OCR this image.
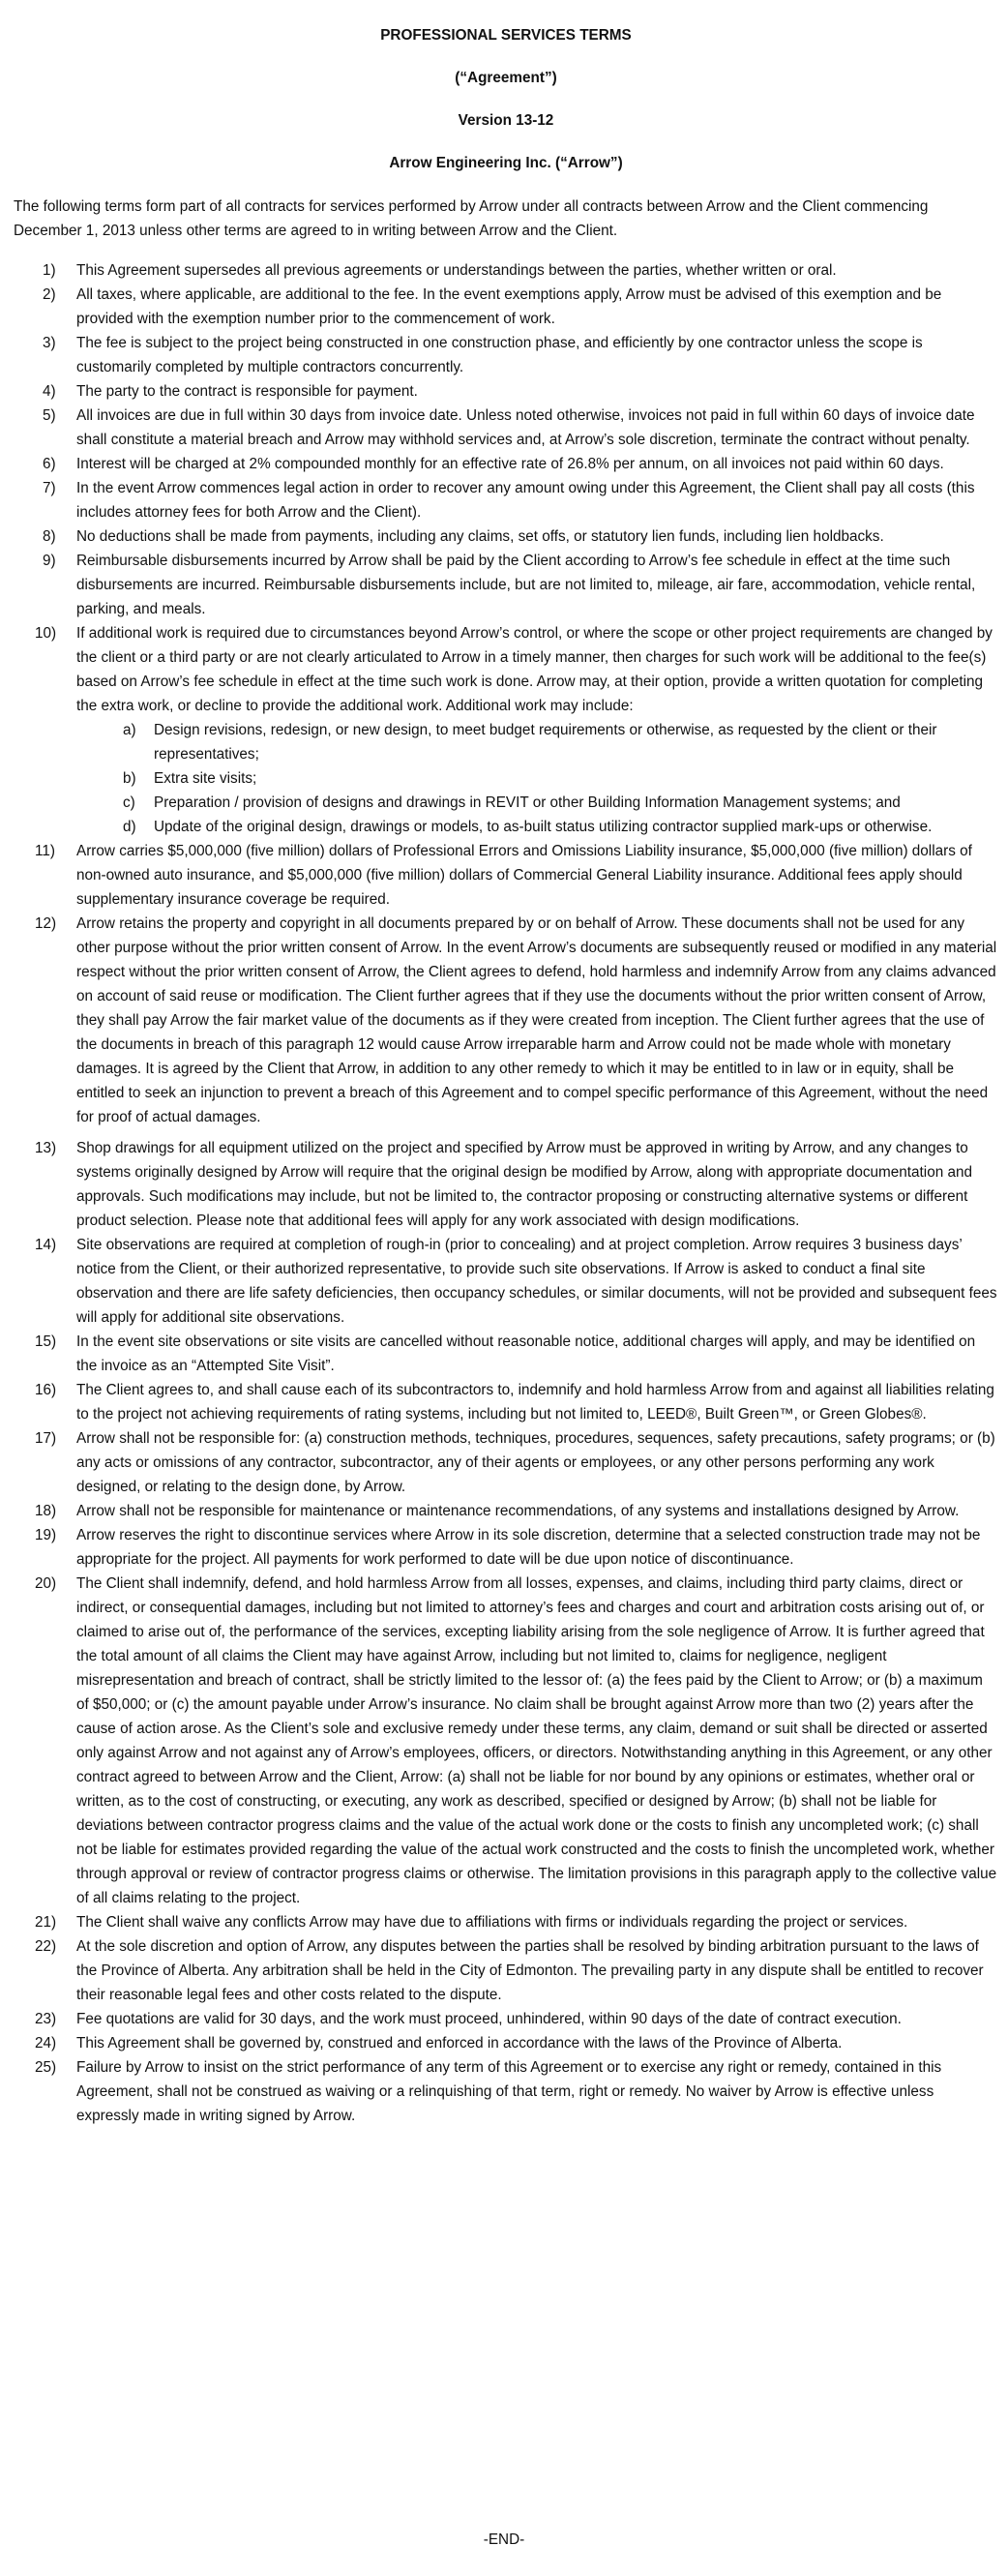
PROFESSIONAL SERVICES TERMS

(“Agreement”)

Version 13-12

Arrow Engineering Inc. (“Arrow”)

The following terms form part of all contracts for services performed by Arrow under all contracts between Arrow and the Client commencing December 1, 2013 unless other terms are agreed to in writing between Arrow and the Client.

1)	This Agreement supersedes all previous agreements or understandings between the parties, whether written or oral.
2)	All taxes, where applicable, are additional to the fee. In the event exemptions apply, Arrow must be advised of this exemption and be provided with the exemption number prior to the commencement of work.
3)	The fee is subject to the project being constructed in one construction phase, and efficiently by one contractor unless the scope is customarily completed by multiple contractors concurrently.
4)	The party to the contract is responsible for payment.
5)	All invoices are due in full within 30 days from invoice date. Unless noted otherwise, invoices not paid in full within 60 days of invoice date shall constitute a material breach and Arrow may withhold services and, at Arrow’s sole discretion, terminate the contract without penalty.
6)	Interest will be charged at 2% compounded monthly for an effective rate of 26.8% per annum, on all invoices not paid within 60 days.
7)	In the event Arrow commences legal action in order to recover any amount owing under this Agreement, the Client shall pay all costs (this includes attorney fees for both Arrow and the Client).
8)	No deductions shall be made from payments, including any claims, set offs, or statutory lien funds, including lien holdbacks.
9)	Reimbursable disbursements incurred by Arrow shall be paid by the Client according to Arrow’s fee schedule in effect at the time such disbursements are incurred. Reimbursable disbursements include, but are not limited to, mileage, air fare, accommodation, vehicle rental, parking, and meals.
10)	If additional work is required due to circumstances beyond Arrow’s control, or where the scope or other project requirements are changed by the client or a third party or are not clearly articulated to Arrow in a timely manner, then charges for such work will be additional to the fee(s) based on Arrow’s fee schedule in effect at the time such work is done. Arrow may, at their option, provide a written quotation for completing the extra work, or decline to provide the additional work. Additional work may include:
a) Design revisions, redesign, or new design, to meet budget requirements or otherwise, as requested by the client or their representatives;
b) Extra site visits;
c) Preparation / provision of designs and drawings in REVIT or other Building Information Management systems; and
d) Update of the original design, drawings or models, to as-built status utilizing contractor supplied mark-ups or otherwise.
11)	Arrow carries $5,000,000 (five million) dollars of Professional Errors and Omissions Liability insurance, $5,000,000 (five million) dollars of non-owned auto insurance, and $5,000,000 (five million) dollars of Commercial General Liability insurance. Additional fees apply should supplementary insurance coverage be required.
12)	Arrow retains the property and copyright in all documents prepared by or on behalf of Arrow. These documents shall not be used for any other purpose without the prior written consent of Arrow. In the event Arrow’s documents are subsequently reused or modified in any material respect without the prior written consent of Arrow, the Client agrees to defend, hold harmless and indemnify Arrow from any claims advanced on account of said reuse or modification. The Client further agrees that if they use the documents without the prior written consent of Arrow, they shall pay Arrow the fair market value of the documents as if they were created from inception. The Client further agrees that the use of the documents in breach of this paragraph 12 would cause Arrow irreparable harm and Arrow could not be made whole with monetary damages. It is agreed by the Client that Arrow, in addition to any other remedy to which it may be entitled to in law or in equity, shall be entitled to seek an injunction to prevent a breach of this Agreement and to compel specific performance of this Agreement, without the need for proof of actual damages.
13)	Shop drawings for all equipment utilized on the project and specified by Arrow must be approved in writing by Arrow, and any changes to systems originally designed by Arrow will require that the original design be modified by Arrow, along with appropriate documentation and approvals. Such modifications may include, but not be limited to, the contractor proposing or constructing alternative systems or different product selection. Please note that additional fees will apply for any work associated with design modifications.
14)	Site observations are required at completion of rough-in (prior to concealing) and at project completion. Arrow requires 3 business days’ notice from the Client, or their authorized representative, to provide such site observations. If Arrow is asked to conduct a final site observation and there are life safety deficiencies, then occupancy schedules, or similar documents, will not be provided and subsequent fees will apply for additional site observations.
15)	In the event site observations or site visits are cancelled without reasonable notice, additional charges will apply, and may be identified on the invoice as an “Attempted Site Visit”.
16)	The Client agrees to, and shall cause each of its subcontractors to, indemnify and hold harmless Arrow from and against all liabilities relating to the project not achieving requirements of rating systems, including but not limited to, LEED®, Built Green™, or Green Globes®.
17)	Arrow shall not be responsible for: (a) construction methods, techniques, procedures, sequences, safety precautions, safety programs; or (b) any acts or omissions of any contractor, subcontractor, any of their agents or employees, or any other persons performing any work designed, or relating to the design done, by Arrow.
18)	Arrow shall not be responsible for maintenance or maintenance recommendations, of any systems and installations designed by Arrow.
19)	Arrow reserves the right to discontinue services where Arrow in its sole discretion, determine that a selected construction trade may not be appropriate for the project. All payments for work performed to date will be due upon notice of discontinuance.
20)	The Client shall indemnify, defend, and hold harmless Arrow from all losses, expenses, and claims, including third party claims, direct or indirect, or consequential damages, including but not limited to attorney’s fees and charges and court and arbitration costs arising out of, or claimed to arise out of, the performance of the services, excepting liability arising from the sole negligence of Arrow. It is further agreed that the total amount of all claims the Client may have against Arrow, including but not limited to, claims for negligence, negligent misrepresentation and breach of contract, shall be strictly limited to the lessor of: (a) the fees paid by the Client to Arrow; or (b) a maximum of $50,000; or (c) the amount payable under Arrow’s insurance. No claim shall be brought against Arrow more than two (2) years after the cause of action arose. As the Client’s sole and exclusive remedy under these terms, any claim, demand or suit shall be directed or asserted only against Arrow and not against any of Arrow’s employees, officers, or directors. Notwithstanding anything in this Agreement, or any other contract agreed to between Arrow and the Client, Arrow: (a) shall not be liable for nor bound by any opinions or estimates, whether oral or written, as to the cost of constructing, or executing, any work as described, specified or designed by Arrow; (b) shall not be liable for deviations between contractor progress claims and the value of the actual work done or the costs to finish any uncompleted work; (c) shall not be liable for estimates provided regarding the value of the actual work constructed and the costs to finish the uncompleted work, whether through approval or review of contractor progress claims or otherwise. The limitation provisions in this paragraph apply to the collective value of all claims relating to the project.
21)	The Client shall waive any conflicts Arrow may have due to affiliations with firms or individuals regarding the project or services.
22)	At the sole discretion and option of Arrow, any disputes between the parties shall be resolved by binding arbitration pursuant to the laws of the Province of Alberta. Any arbitration shall be held in the City of Edmonton. The prevailing party in any dispute shall be entitled to recover their reasonable legal fees and other costs related to the dispute.
23)	Fee quotations are valid for 30 days, and the work must proceed, unhindered, within 90 days of the date of contract execution.
24)	This Agreement shall be governed by, construed and enforced in accordance with the laws of the Province of Alberta.
25)	Failure by Arrow to insist on the strict performance of any term of this Agreement or to exercise any right or remedy, contained in this Agreement, shall not be construed as waiving or a relinquishing of that term, right or remedy. No waiver by Arrow is effective unless expressly made in writing signed by Arrow.

-END-
